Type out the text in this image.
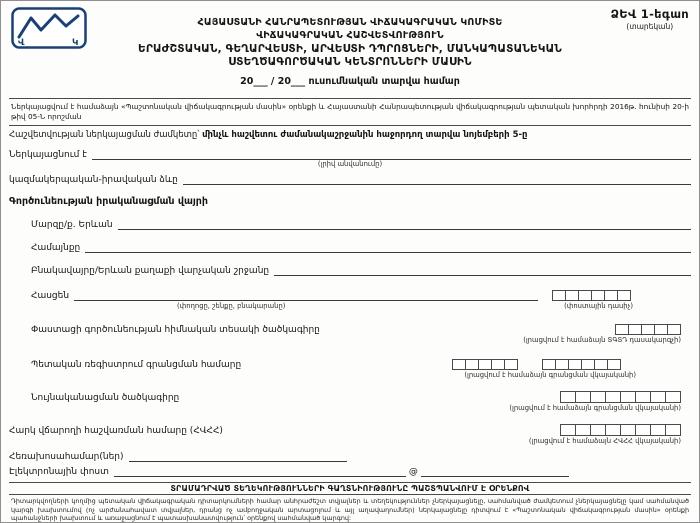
Վ	Կ
ՁԵՎ 1-եգաո
(տարեկան)
ՀԱՅԱՍՏԱՆԻ ՀԱՆՐԱՊԵՏՈՒԹՅԱՆ ՎԻՃԱԿԱԳՐԱԿԱՆ ԿՈՄԻՏԵ
ՎԻՃԱԿԱԳՐԱԿԱՆ ՀԱՇՎԵՏՎՈՒԹՅՈՒՆ
ԵՐԱԺՇՏԱԿԱՆ, ԳԵՂԱՐՎԵՍՏԻ, ԱՐՎԵՍՏԻ ԴՊՐՈՑՆԵՐԻ, ՄԱՆԿԱՊԱՏԱՆԵԿԱՆ
ՍՏԵՂԾԱԳՈՐԾԱԿԱՆ ԿԵՆՏՐՈՆՆԵՐԻ ՄԱՍԻՆ
20___ / 20___ ուսումնական տարվա համար
Ներկայացվում է համաձայն «Պաշտոնական վիճակագրության մասին» օրենքի և Հայաստանի Հանրապետության վիճակագրության պետական խորհրդի 2016թ. հունիսի 20-ի թիվ 05-Ն որոշման
Հաշվետվության ներկայացման ժամկետը՝ մինչև հաշվետու ժամանակաշրջանին հաջորդող տարվա նոյեմբերի 5-ը
Ներկայացնում է
(լրիվ անվանումը)
կազմակերպական-իրավական ձևը
Գործունեության իրականացման վայրի
Մարզը/ք. Երևան
Համայնքը
Բնակավայրը/Երևան քաղաքի վարչական շրջանը
Հասցեն
(փողոցը, շենքը, բնակարանը)	(փոստային դասիչ)
Փաստացի գործունեության հիմնական տեսակի ծածկագիրը
(լրացվում է համաձայն ՏԳՏԴ դասակարգչի)
Պետական ռեգիստրում գրանցման համարը
(լրացվում է համաձայն գրանցման վկայականի)
Նույնականացման ծածկագիրը
(լրացվում է համաձայն գրանցման վկայականի)
Հարկ վճարողի հաշվառման համարը (ՀՎՀՀ)
(լրացվում է համաձայն ՀՎՀՀ վկայականի)
Հեռախոսահամար(ներ)
Էլեկտրոնային փոստ	@
ՏՐԱՄԱԴՐՎԱԾ ՏԵՂԵԿՈՒԹՅՈՒՆՆԵՐԻ ԳԱՂՏՆԻՈՒԹՅՈՒՆԸ ՊԱՇՏՊԱՆՎՈՒՄ Է ՕՐԵՆՔՈՎ
Դիտարկվողների կողմից պետական վիճակագրական դիտարկումների համար անհրաժեշտ տվյալներ և տեղեկություններ չներկայացնելը, սահմանված ժամկետում չներկայացնելը կամ սահմանված կարգի խախտումով (ոչ արժանահավատ տվյալներ, դրանց ոչ ամբողջական արտացոլում և այլ աղավաղումներ) ներկայացնելը դիտվում է «Պաշտոնական վիճակագրության մասին» օրենքի պահանջների խախտում և առաջացնում է պատասխանատվություն՝ օրենքով սահմանված կարգով:
